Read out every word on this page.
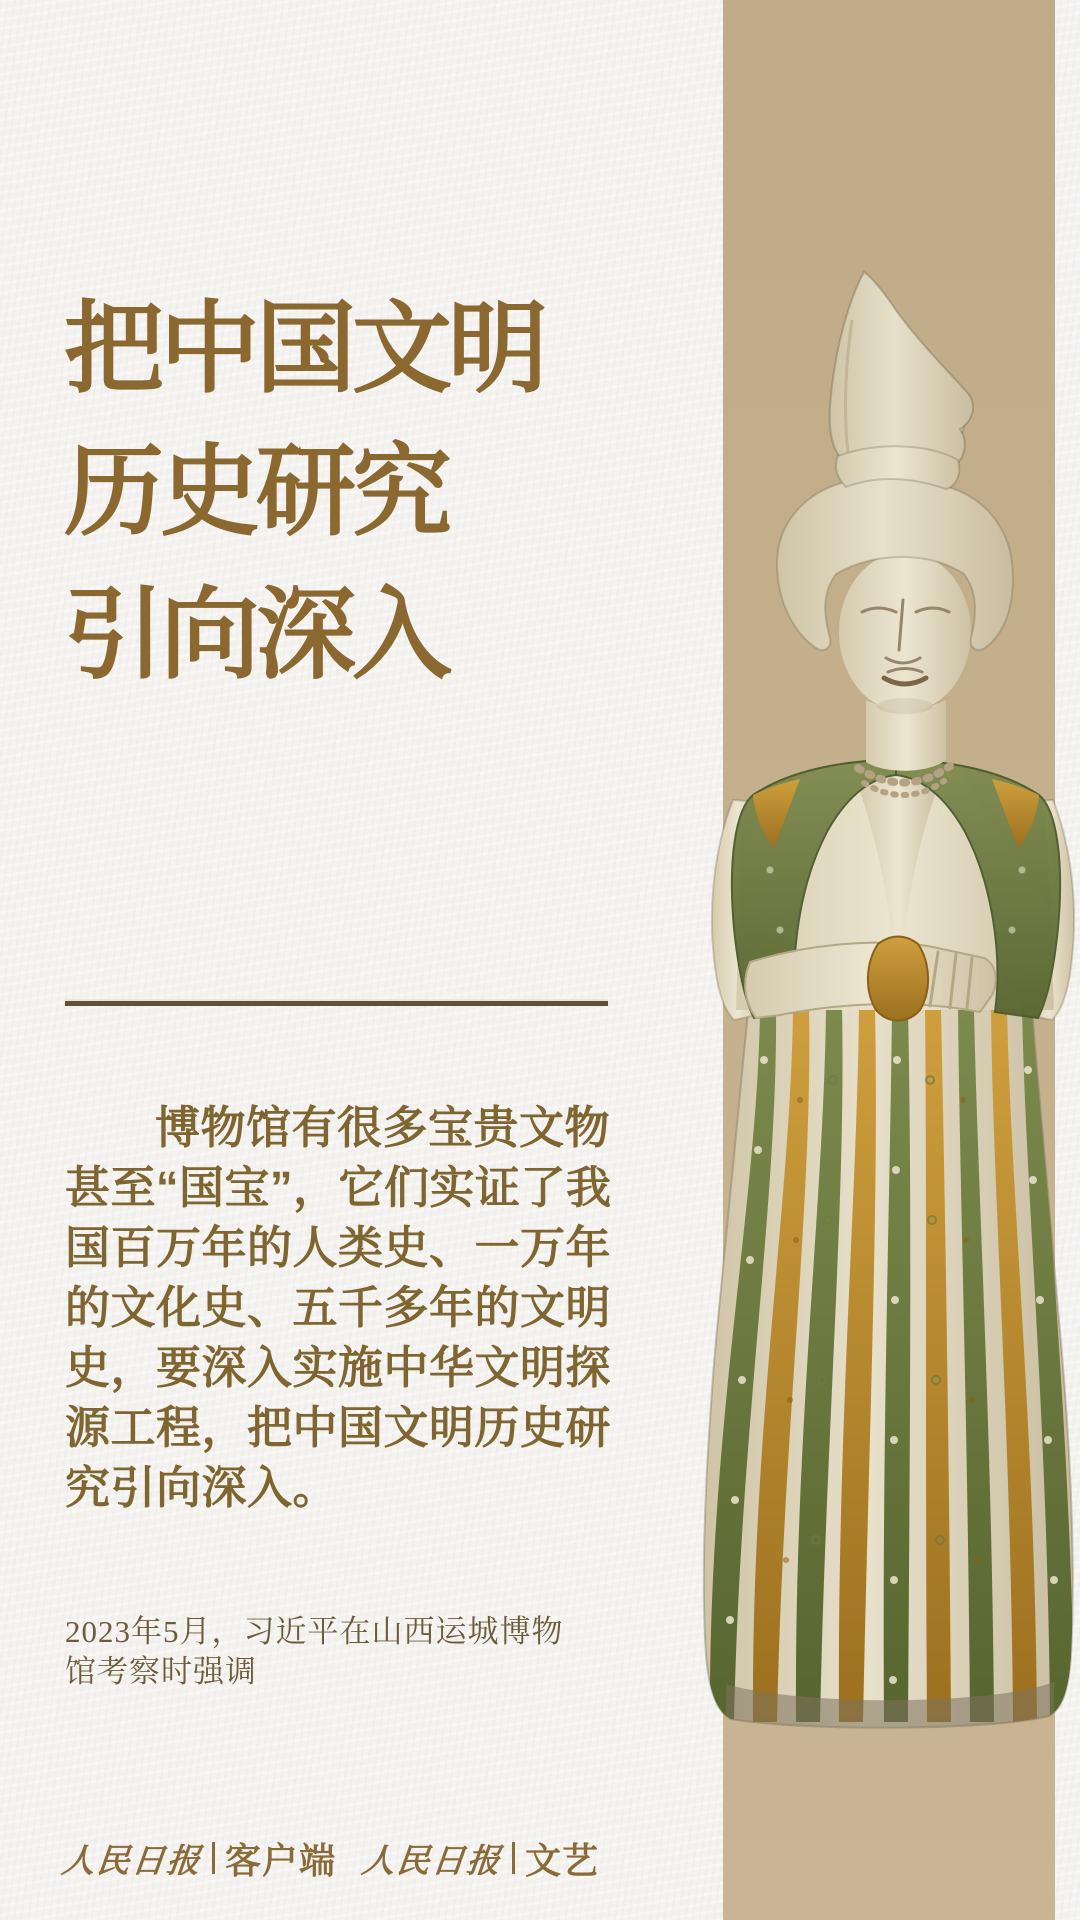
把中国文明
历史研究
引向深入
博物馆有很多宝贵文物
甚至“国宝”，它们实证了我
国百万年的人类史、一万年
的文化史、五千多年的文明
史，要深入实施中华文明探
源工程，把中国文明历史研
究引向深入。
2023年5月，习近平在山西运城博物馆考察时强调
人民日报 客户端 人民日报 文艺
